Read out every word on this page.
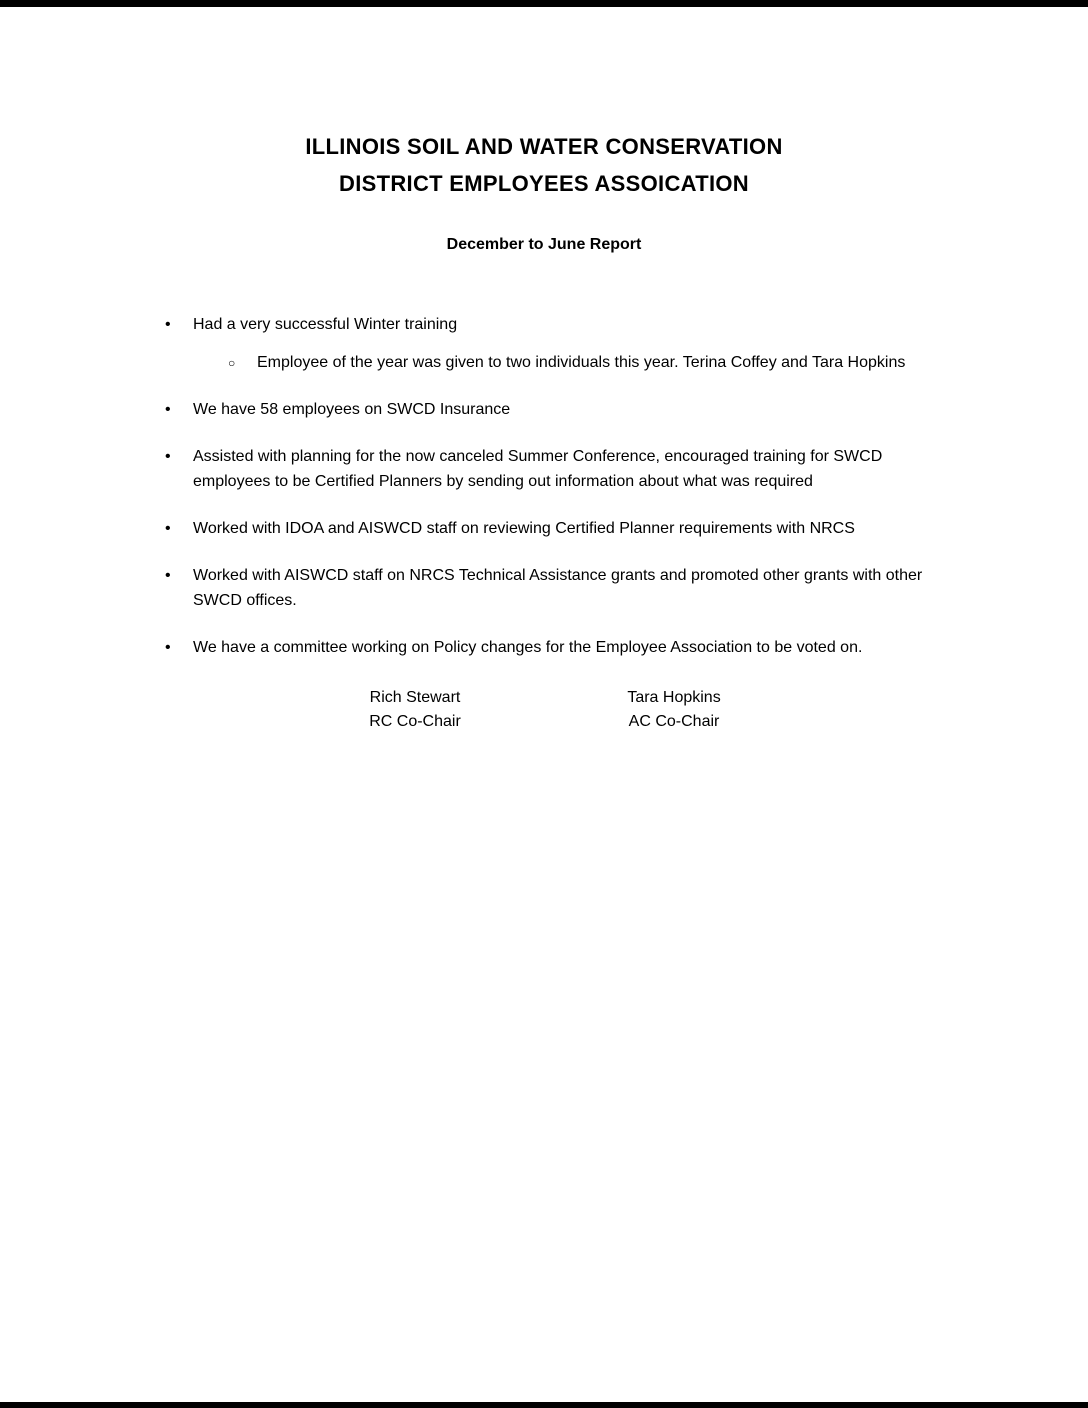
ILLINOIS SOIL AND WATER CONSERVATION
DISTRICT EMPLOYEES ASSOICATION
December to June Report
•	Had a very successful Winter training
○	Employee of the year was given to two individuals this year. Terina Coffey and Tara Hopkins
•	We have 58 employees on SWCD Insurance
•	Assisted with planning for the now canceled Summer Conference, encouraged training for SWCD employees to be Certified Planners by sending out information about what was required
•	Worked with IDOA and AISWCD staff on reviewing Certified Planner requirements with NRCS
•	Worked with AISWCD staff on NRCS Technical Assistance grants and promoted other grants with other SWCD offices.
•	We have a committee working on Policy changes for the Employee Association to be voted on.
Rich Stewart
RC Co-Chair
Tara Hopkins
AC Co-Chair
